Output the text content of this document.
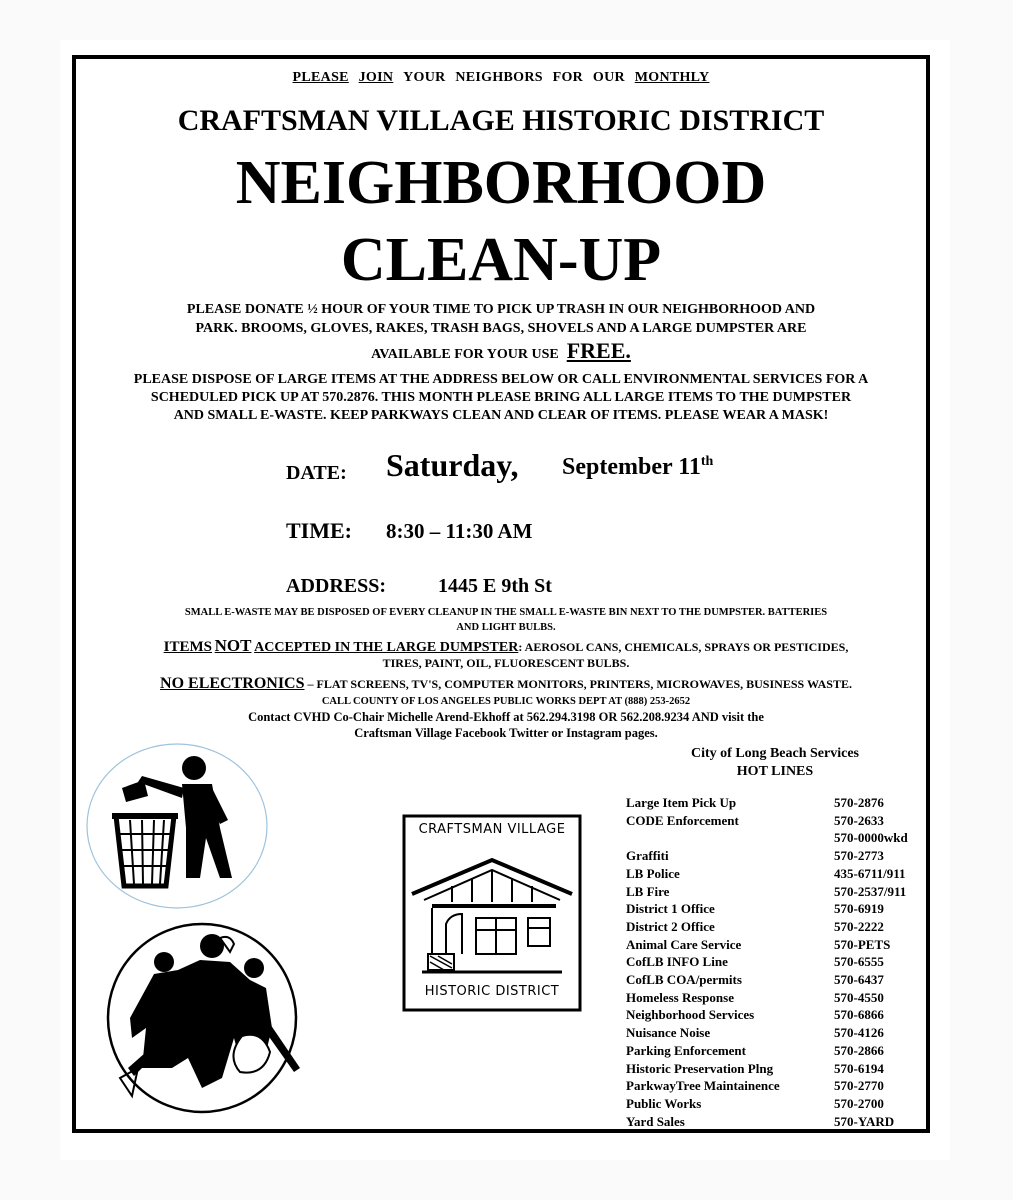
PLEASE JOIN YOUR NEIGHBORS FOR OUR MONTHLY
CRAFTSMAN VILLAGE HISTORIC DISTRICT
NEIGHBORHOOD
CLEAN-UP
PLEASE DONATE ½ HOUR OF YOUR TIME TO PICK UP TRASH IN OUR NEIGHBORHOOD AND
PARK. BROOMS, GLOVES, RAKES, TRASH BAGS, SHOVELS AND A LARGE DUMPSTER ARE
AVAILABLE FOR YOUR USE FREE.
PLEASE DISPOSE OF LARGE ITEMS AT THE ADDRESS BELOW OR CALL ENVIRONMENTAL SERVICES FOR A
SCHEDULED PICK UP AT 570.2876. THIS MONTH PLEASE BRING ALL LARGE ITEMS TO THE DUMPSTER
AND SMALL E-WASTE. KEEP PARKWAYS CLEAN AND CLEAR OF ITEMS. PLEASE WEAR A MASK!
DATE: Saturday, September 11th
TIME: 8:30 – 11:30 AM
ADDRESS:	1445 E 9th St
SMALL E-WASTE MAY BE DISPOSED OF EVERY CLEANUP IN THE SMALL E-WASTE BIN NEXT TO THE DUMPSTER. BATTERIES
AND LIGHT BULBS.
ITEMS NOT ACCEPTED IN THE LARGE DUMPSTER: AEROSOL CANS, CHEMICALS, SPRAYS OR PESTICIDES,
TIRES, PAINT, OIL, FLUORESCENT BULBS.
NO ELECTRONICS – FLAT SCREENS, TV'S, COMPUTER MONITORS, PRINTERS, MICROWAVES, BUSINESS WASTE.
CALL COUNTY OF LOS ANGELES PUBLIC WORKS DEPT AT (888) 253-2652
Contact CVHD Co-Chair Michelle Arend-Ekhoff at 562.294.3198 OR 562.208.9234 AND visit the
Craftsman Village Facebook Twitter or Instagram pages.
CRAFTSMAN VILLAGE
HISTORIC DISTRICT
City of Long Beach Services
HOT LINES
Large Item Pick Up	570-2876
CODE Enforcement	570-2633
	570-0000wkd
Graffiti	570-2773
LB Police	435-6711/911
LB Fire	570-2537/911
District 1 Office	570-6919
District 2 Office	570-2222
Animal Care Service	570-PETS
CofLB INFO Line	570-6555
CofLB COA/permits	570-6437
Homeless Response	570-4550
Neighborhood Services	570-6866
Nuisance Noise	570-4126
Parking Enforcement	570-2866
Historic Preservation Plng	570-6194
ParkwayTree Maintainence	570-2770
Public Works	570-2700
Yard Sales	570-YARD
